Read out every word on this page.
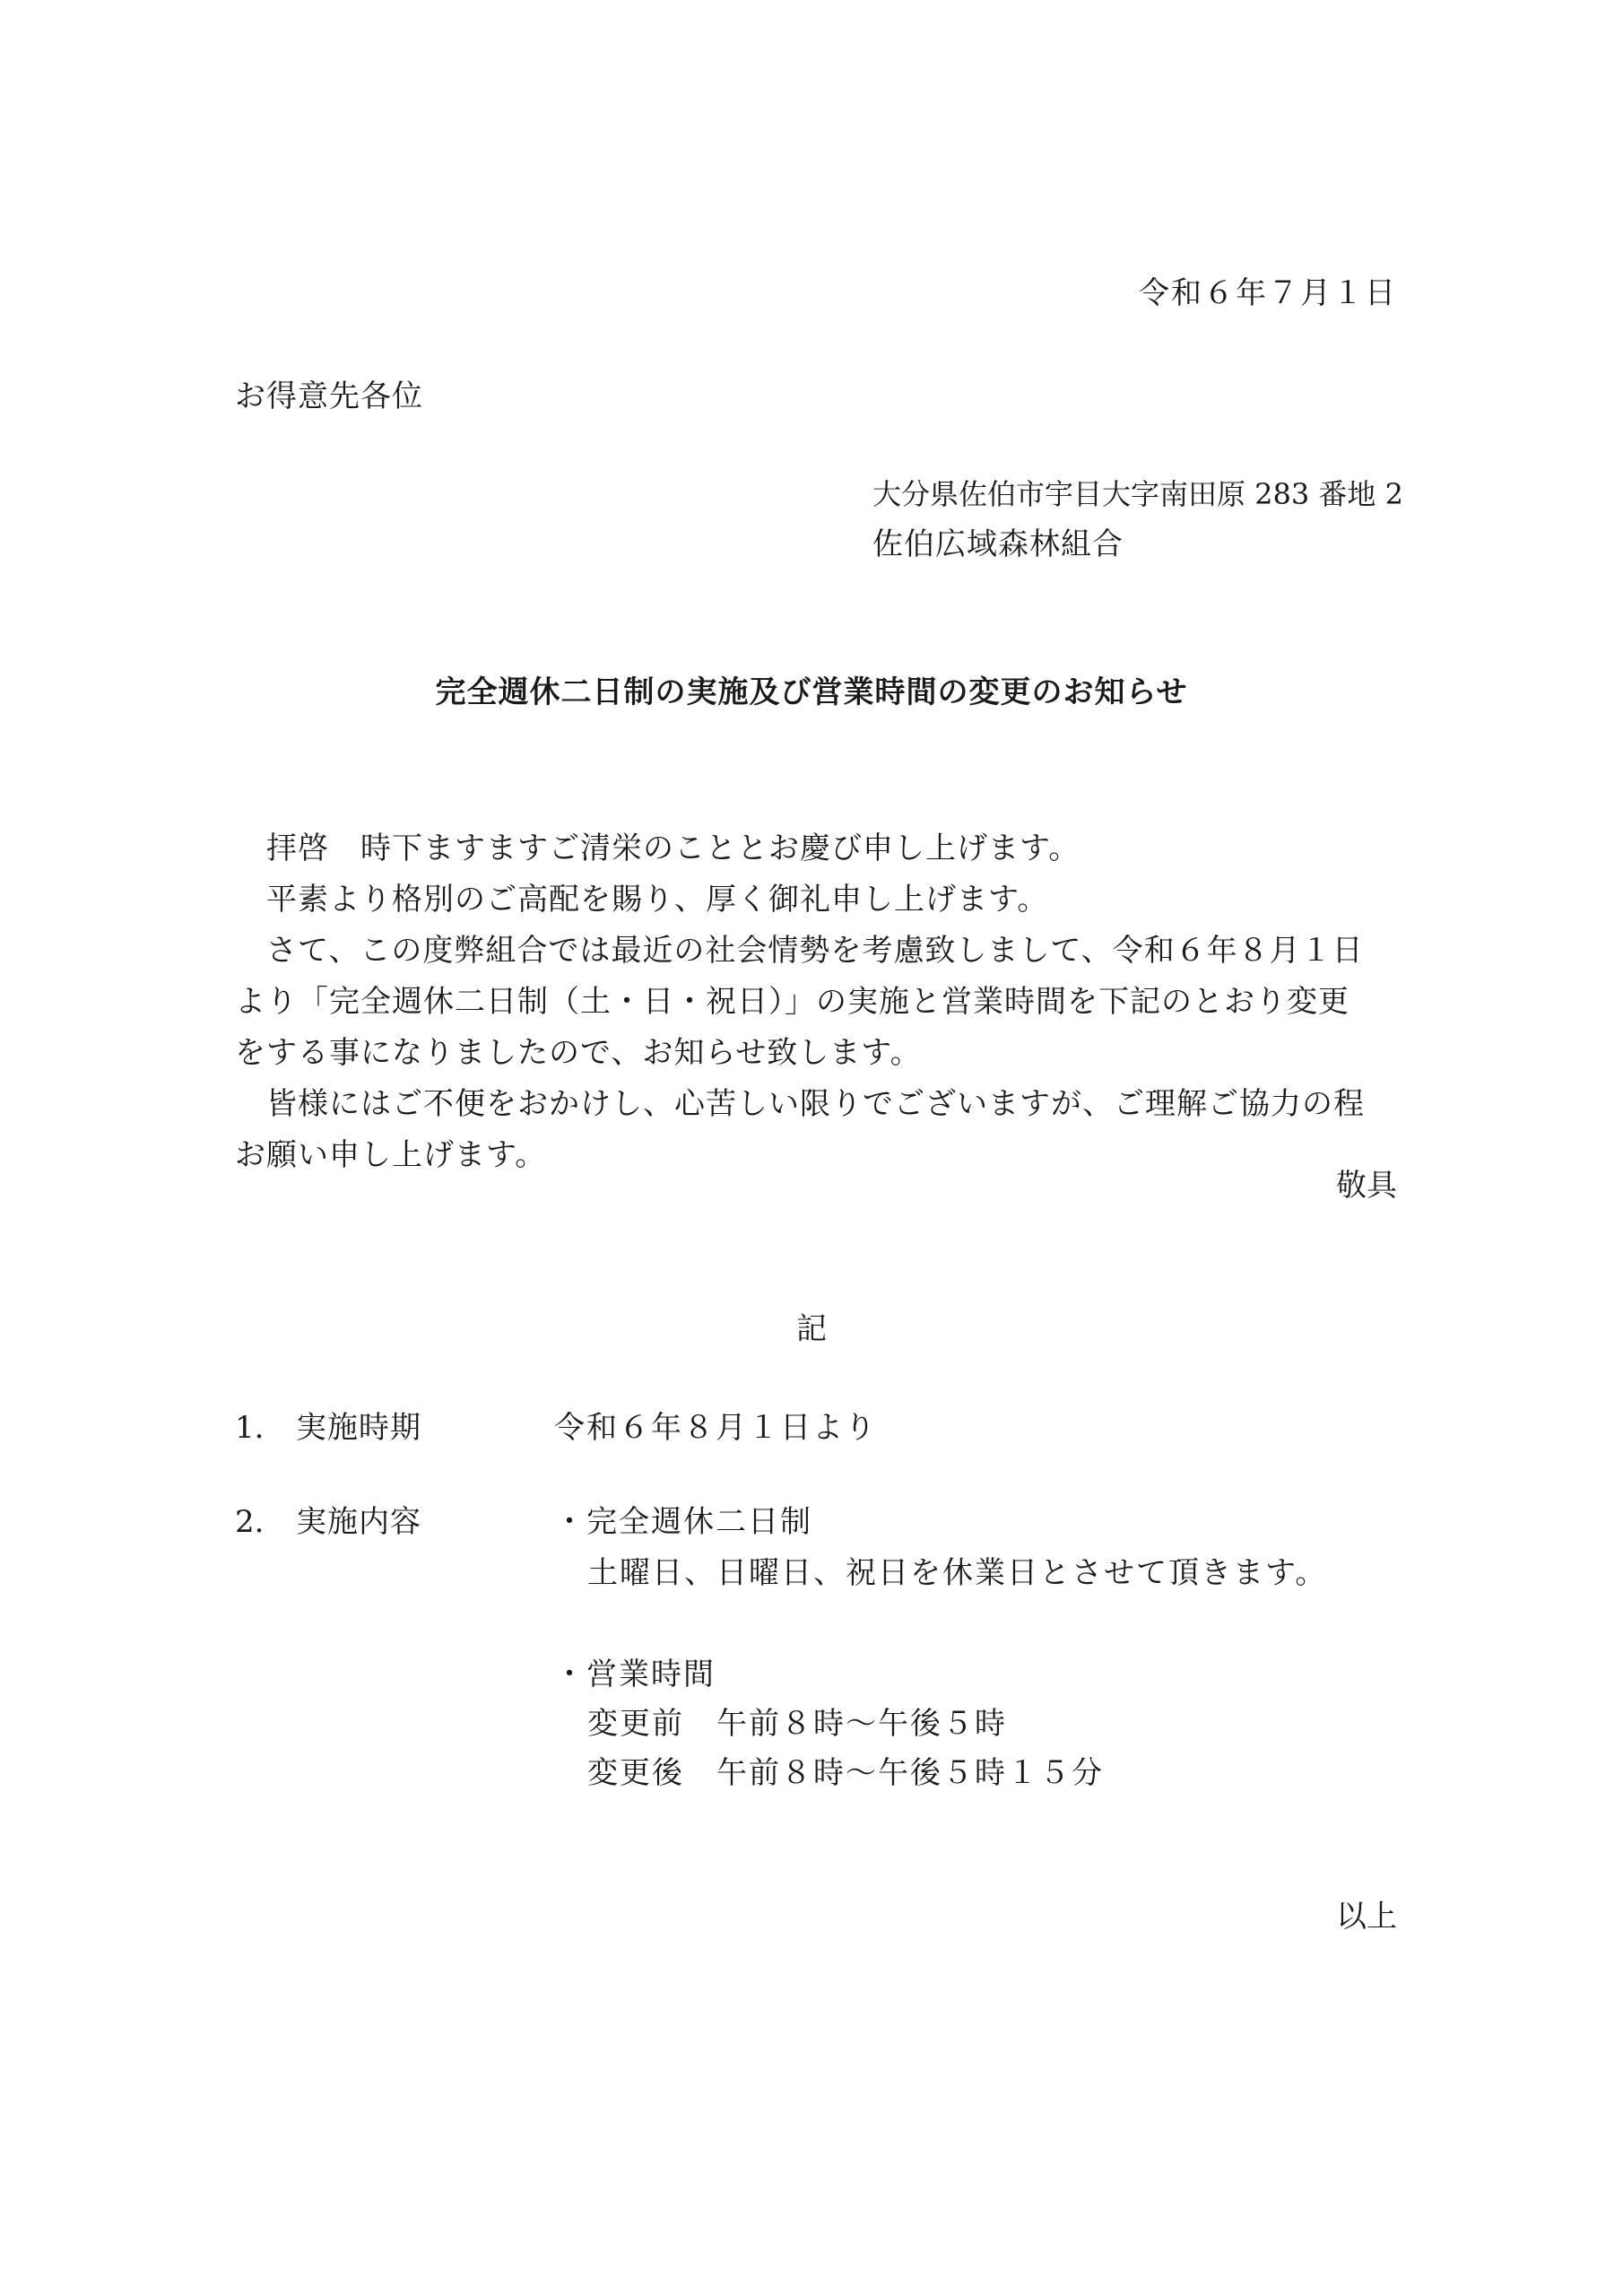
令和６年７月１日
お得意先各位
大分県佐伯市宇目大字南田原 283 番地 2
佐伯広域森林組合
完全週休二日制の実施及び営業時間の変更のお知らせ

　拝啓　時下ますますご清栄のこととお慶び申し上げます。

　平素より格別のご高配を賜り、厚く御礼申し上げます。

　さて、この度弊組合では最近の社会情勢を考慮致しまして、令和６年８月１日

より「完全週休二日制（土・日・祝日）」の実施と営業時間を下記のとおり変更

をする事になりましたので、お知らせ致します。

　皆様にはご不便をおかけし、心苦しい限りでございますが、ご理解ご協力の程

お願い申し上げます。

敬具
記
1. 実施時期	令和６年８月１日より
2. 実施内容	・完全週休二日制
土曜日、日曜日、祝日を休業日とさせて頂きます。
・営業時間
変更前　午前８時～午後５時
変更後　午前８時～午後５時１５分
以上
